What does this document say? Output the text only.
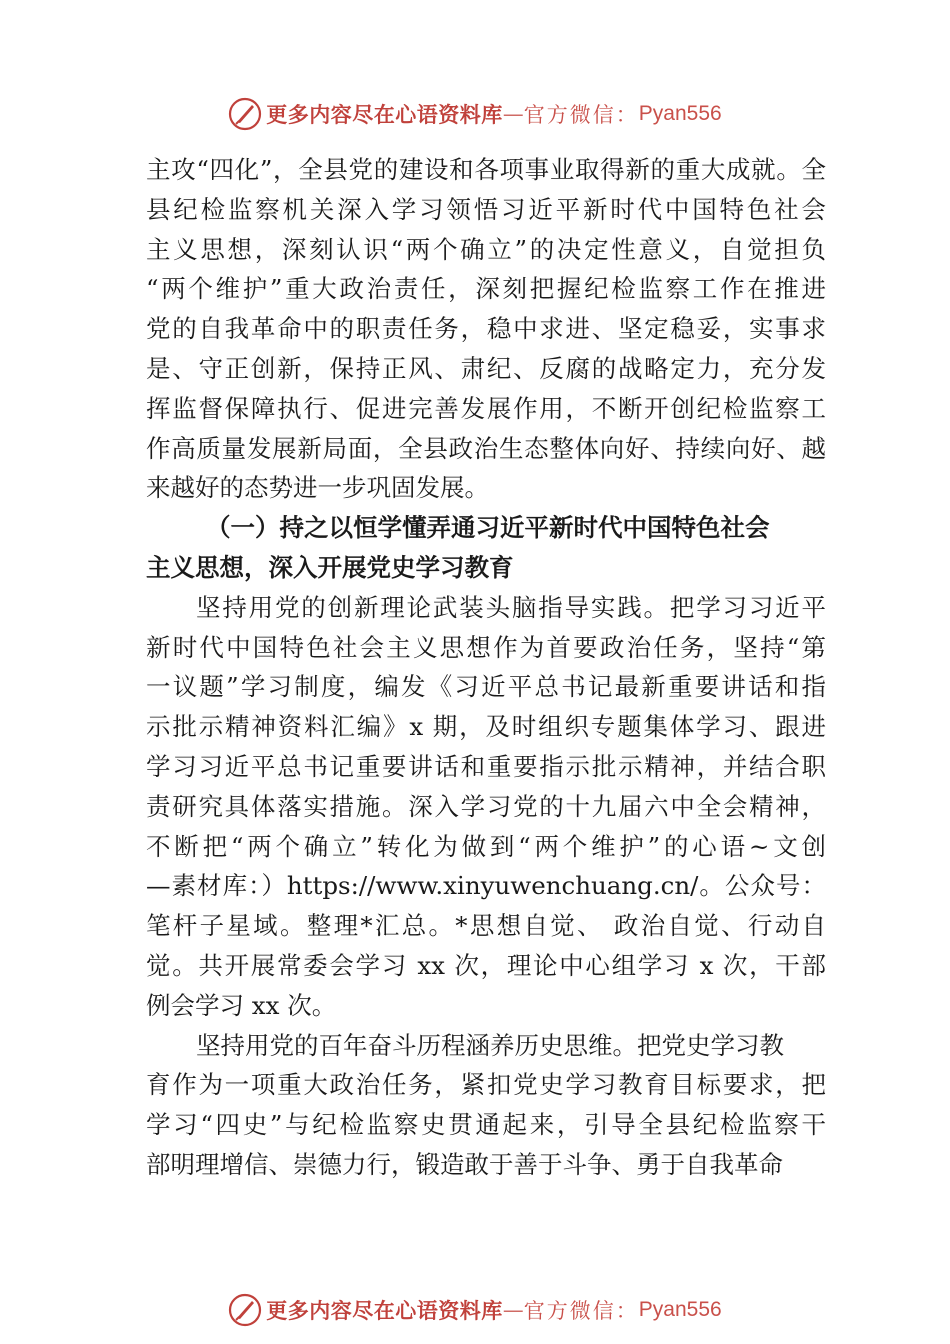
更多内容尽在心语资料库 — 官方微信： Pyan556
主攻“四化”，全县党的建设和各项事业取得新的重大成就。全
县纪检监察机关深入学习领悟习近平新时代中国特色社会
主义思想，深刻认识“两个确立”的决定性意义，自觉担负
“两个维护”重大政治责任，深刻把握纪检监察工作在推进
党的自我革命中的职责任务，稳中求进、坚定稳妥，实事求
是、守正创新，保持正风、肃纪、反腐的战略定力，充分发
挥监督保障执行、促进完善发展作用，不断开创纪检监察工
作高质量发展新局面，全县政治生态整体向好、持续向好、越
来越好的态势进一步巩固发展。
（一）持之以恒学懂弄通习近平新时代中国特色社会
主义思想，深入开展党史学习教育
坚持用党的创新理论武装头脑指导实践。把学习习近平
新时代中国特色社会主义思想作为首要政治任务，坚持“第
一议题”学习制度，编发《习近平总书记最新重要讲话和指
示批示精神资料汇编》x 期，及时组织专题集体学习、跟进
学习习近平总书记重要讲话和重要指示批示精神，并结合职
责研究具体落实措施。深入学习党的十九届六中全会精神，
不断把“两个确立”转化为做到“两个维护”的心语~文创
—素材库：）https://www.xinyuwenchuang.cn/。公众号：
笔杆子星域。整理*汇总。*思想自觉、 政治自觉、行动自
觉。共开展常委会学习 xx 次，理论中心组学习 x 次，干部
例会学习 xx 次。
坚持用党的百年奋斗历程涵养历史思维。把党史学习教
育作为一项重大政治任务，紧扣党史学习教育目标要求，把
学习“四史”与纪检监察史贯通起来，引导全县纪检监察干
部明理增信、崇德力行，锻造敢于善于斗争、勇于自我革命
更多内容尽在心语资料库 — 官方微信： Pyan556
